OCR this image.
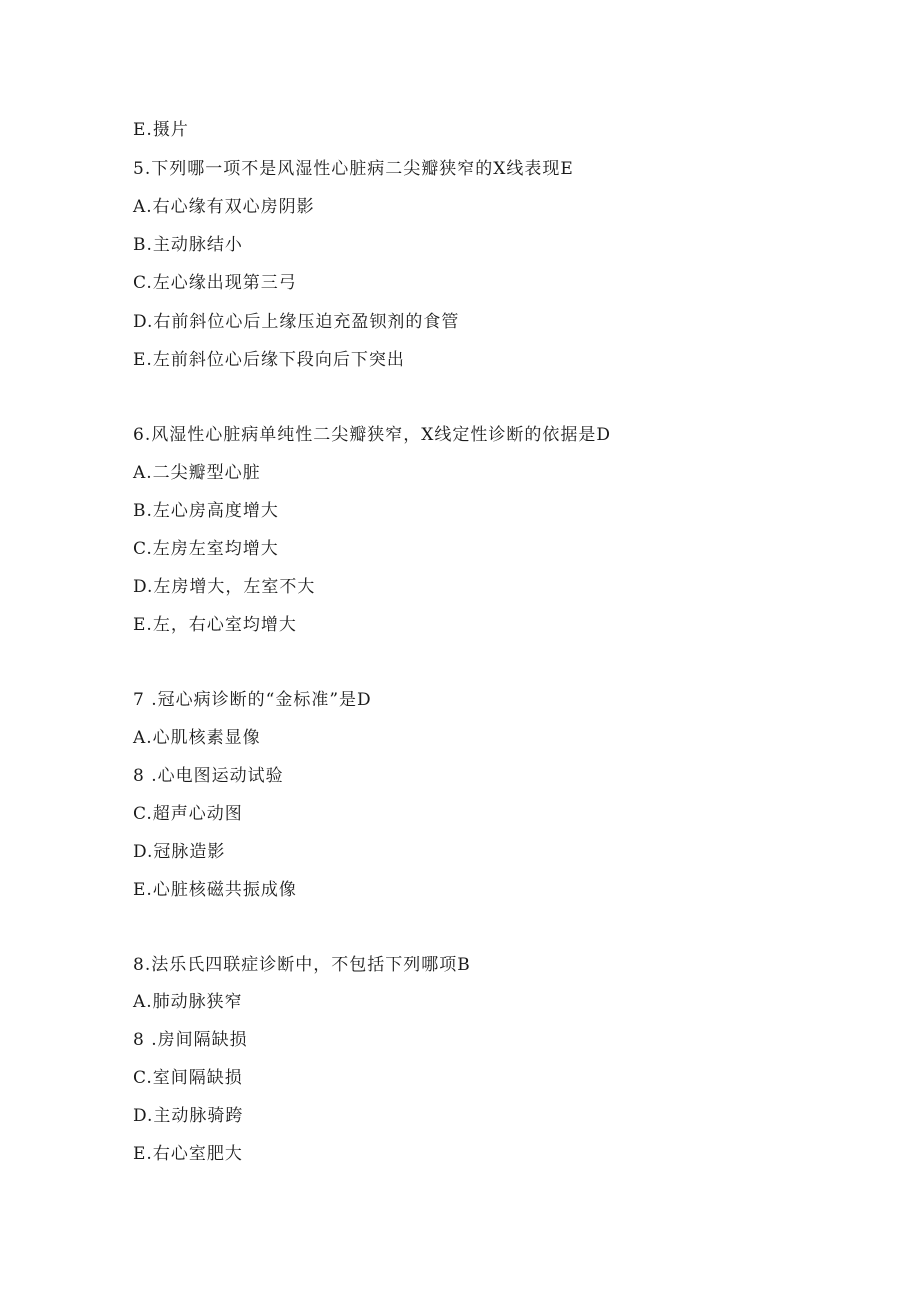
E.摄片
5.下列哪一项不是风湿性心脏病二尖瓣狭窄的X线表现E
A.右心缘有双心房阴影
B.主动脉结小
C.左心缘出现第三弓
D.右前斜位心后上缘压迫充盈钡剂的食管
E.左前斜位心后缘下段向后下突出
6.风湿性心脏病单纯性二尖瓣狭窄，X线定性诊断的依据是D
A.二尖瓣型心脏
B.左心房高度增大
C.左房左室均增大
D.左房增大，左室不大
E.左，右心室均增大
7 .冠心病诊断的“金标准”是D
A.心肌核素显像
8 .心电图运动试验
C.超声心动图
D.冠脉造影
E.心脏核磁共振成像
8.法乐氏四联症诊断中，不包括下列哪项B
A.肺动脉狭窄
8 .房间隔缺损
C.室间隔缺损
D.主动脉骑跨
E.右心室肥大
